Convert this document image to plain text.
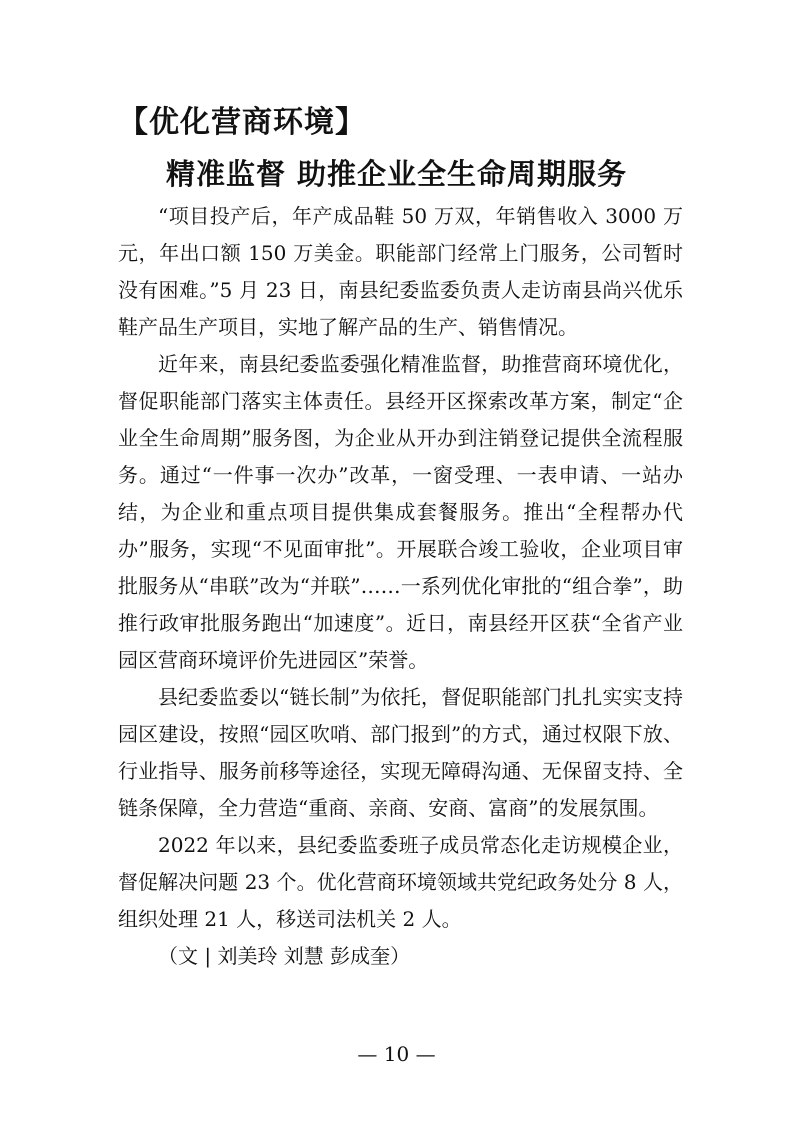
【优化营商环境】
精准监督 助推企业全生命周期服务

“项目投产后，年产成品鞋 50 万双，年销售收入 3000 万元，年出口额 150 万美金。职能部门经常上门服务，公司暂时没有困难。”5 月 23 日，南县纪委监委负责人走访南县尚兴优乐鞋产品生产项目，实地了解产品的生产、销售情况。

近年来，南县纪委监委强化精准监督，助推营商环境优化，督促职能部门落实主体责任。县经开区探索改革方案，制定“企业全生命周期”服务图，为企业从开办到注销登记提供全流程服务。通过“一件事一次办”改革，一窗受理、一表申请、一站办结，为企业和重点项目提供集成套餐服务。推出“全程帮办代办”服务，实现“不见面审批”。开展联合竣工验收，企业项目审批服务从“串联”改为“并联”……一系列优化审批的“组合拳”，助推行政审批服务跑出“加速度”。近日，南县经开区获“全省产业园区营商环境评价先进园区”荣誉。

县纪委监委以“链长制”为依托，督促职能部门扎扎实实支持园区建设，按照“园区吹哨、部门报到”的方式，通过权限下放、行业指导、服务前移等途径，实现无障碍沟通、无保留支持、全链条保障，全力营造“重商、亲商、安商、富商”的发展氛围。

2022 年以来，县纪委监委班子成员常态化走访规模企业，督促解决问题 23 个。优化营商环境领域共党纪政务处分 8 人，组织处理 21 人，移送司法机关 2 人。

（文 | 刘美玲 刘慧 彭成奎）

— 10 —
